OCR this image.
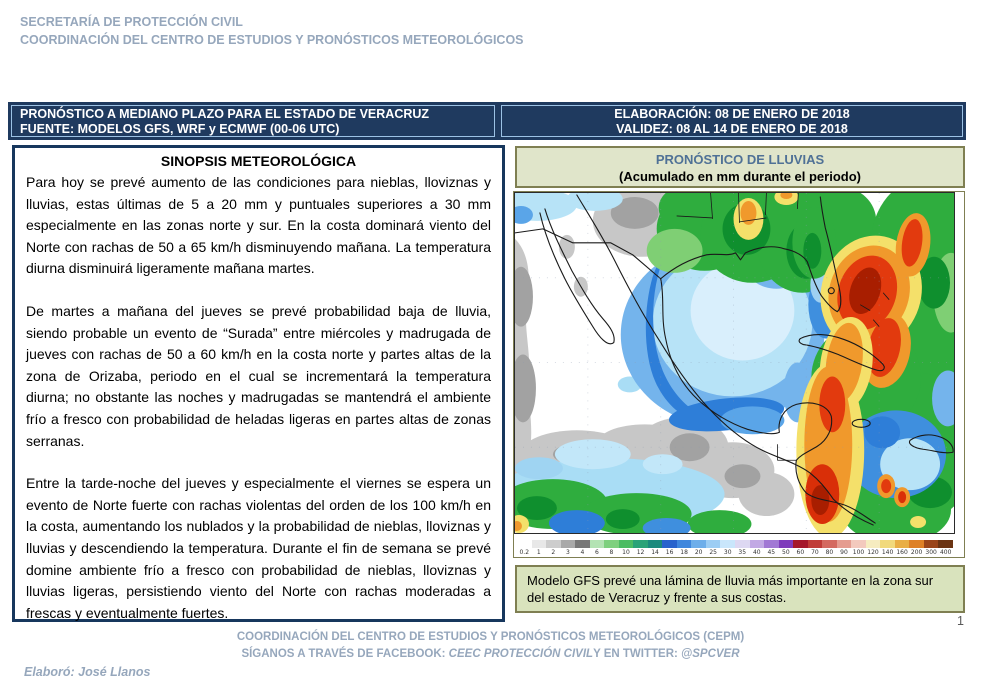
SECRETARÍA DE PROTECCIÓN CIVIL
COORDINACIÓN DEL CENTRO DE ESTUDIOS Y PRONÓSTICOS METEOROLÓGICOS
PRONÓSTICO A MEDIANO PLAZO PARA EL ESTADO DE VERACRUZ
FUENTE: MODELOS GFS, WRF y ECMWF (00-06 UTC)
ELABORACIÓN: 08 DE ENERO DE 2018
VALIDEZ: 08 AL 14 DE ENERO DE 2018
SINOPSIS METEOROLÓGICA

Para hoy se prevé aumento de las condiciones para nieblas, lloviznas y lluvias, estas últimas de 5 a 20 mm y puntuales superiores a 30 mm especialmente en las zonas norte y sur. En la costa dominará viento del Norte con rachas de 50 a 65 km/h disminuyendo mañana. La temperatura diurna disminuirá ligeramente mañana martes.

De martes a mañana del jueves se prevé probabilidad baja de lluvia, siendo probable un evento de “Surada” entre miércoles y madrugada de jueves con rachas de 50 a 60 km/h en la costa norte y partes altas de la zona de Orizaba, periodo en el cual se incrementará la temperatura diurna; no obstante las noches y madrugadas se mantendrá el ambiente frío a fresco con probabilidad de heladas ligeras en partes altas de zonas serranas.

Entre la tarde-noche del jueves y especialmente el viernes se espera un evento de Norte fuerte con rachas violentas del orden de los 100 km/h en la costa, aumentando los nublados y la probabilidad de nieblas, lloviznas y lluvias y descendiendo la temperatura. Durante el fin de semana se prevé domine ambiente frío a fresco con probabilidad de nieblas, lloviznas y lluvias ligeras, persistiendo viento del Norte con rachas moderadas a frescas y eventualmente fuertes.

PRONÓSTICO DE LLUVIAS
(Acumulado en mm durante el periodo)
0.2	1	2	3	4	6	8	10	12	14	16	18	20	25	30	35	40	45	50	60	70	80	90 100 120 140 160 200 300 400
Modelo GFS prevé una lámina de lluvia más importante en la zona sur del estado de Veracruz y frente a sus costas.
1
COORDINACIÓN DEL CENTRO DE ESTUDIOS Y PRONÓSTICOS METEOROLÓGICOS (CEPM)
SÍGANOS A TRAVÉS DE FACEBOOK: CEEC PROTECCIÓN CIVILY EN TWITTER: @SPCVER
Elaboró: José Llanos
